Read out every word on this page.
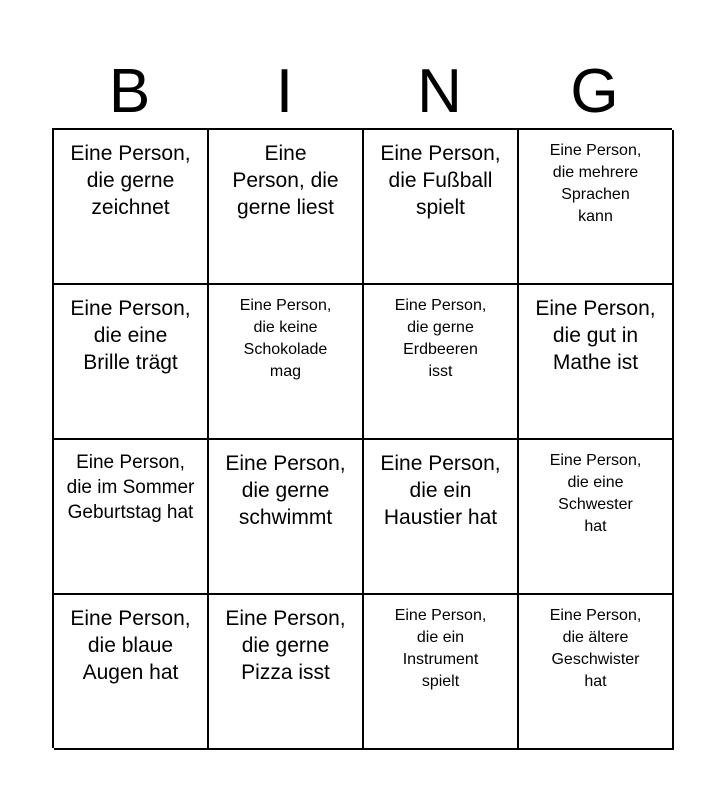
B	I	N	G
Eine Person,
die gerne
zeichnet
Eine
Person, die
gerne liest
Eine Person,
die Fußball
spielt
Eine Person,
die mehrere
Sprachen
kann
Eine Person,
die eine
Brille trägt
Eine Person,
die keine
Schokolade
mag
Eine Person,
die gerne
Erdbeeren
isst
Eine Person,
die gut in
Mathe ist
Eine Person,
die im Sommer
Geburtstag hat
Eine Person,
die gerne
schwimmt
Eine Person,
die ein
Haustier hat
Eine Person,
die eine
Schwester
hat
Eine Person,
die blaue
Augen hat
Eine Person,
die gerne
Pizza isst
Eine Person,
die ein
Instrument
spielt
Eine Person,
die ältere
Geschwister
hat
